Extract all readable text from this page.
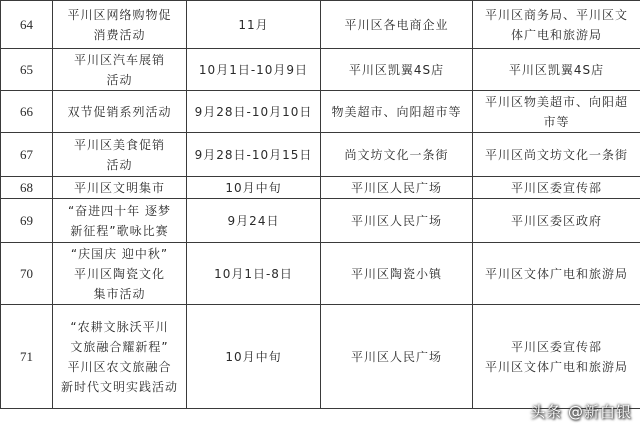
64	平川区网络购物促
消费活动	11月	平川区各电商企业	平川区商务局、平川区文
体广电和旅游局

65	平川区汽车展销
活动	10月1日-10月9日	平川区凯翼4S店	平川区凯翼4S店

66	双节促销系列活动	9月28日-10月10日	物美超市、向阳超市等	平川区物美超市、向阳超
市等

67	平川区美食促销
活动	9月28日-10月15日	尚文坊文化一条街	平川区尚文坊文化一条街

68	平川区文明集市	10月中旬	平川区人民广场	平川区委宣传部

69	“奋进四十年 逐梦
新征程”歌咏比赛	9月24日	平川区人民广场	平川区委区政府

70	“庆国庆 迎中秋”
平川区陶瓷文化
集市活动	10月1日-8日	平川区陶瓷小镇	平川区文体广电和旅游局

71	“农耕文脉沃平川
文旅融合耀新程”
平川区农文旅融合
新时代文明实践活动	10月中旬	平川区人民广场	平川区委宣传部
平川区文体广电和旅游局
头条 @新白银
